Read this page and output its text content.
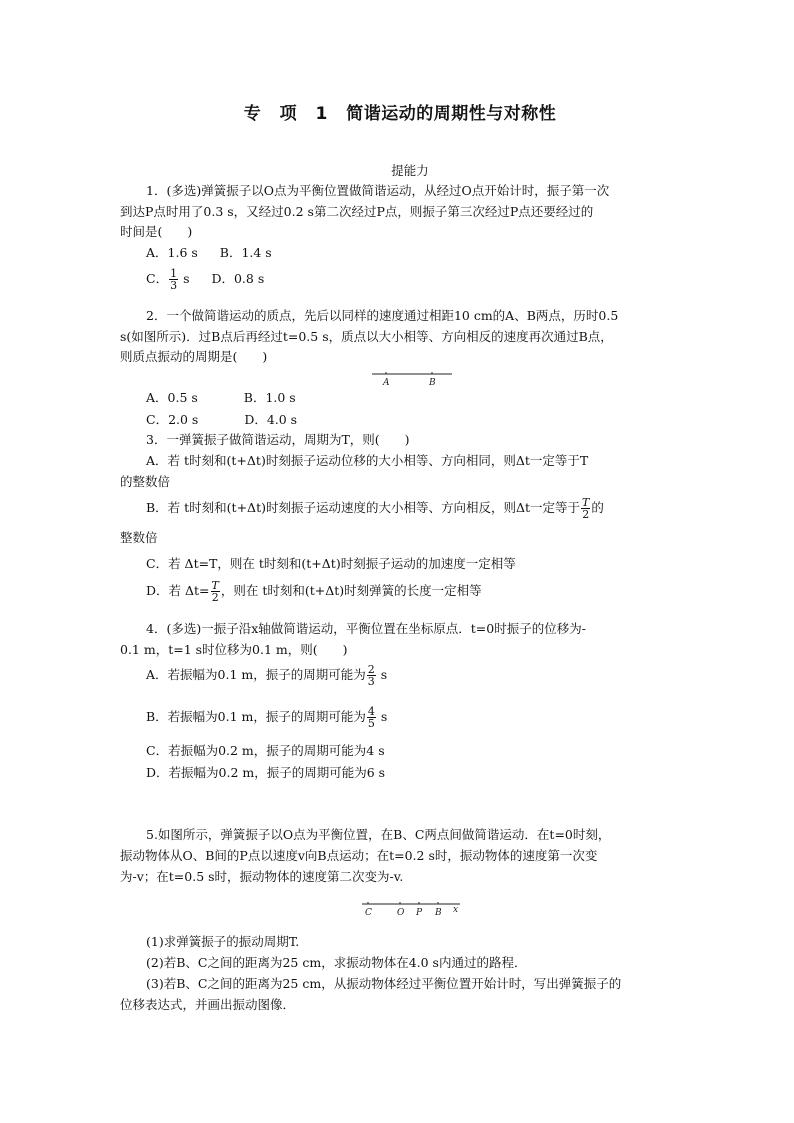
专 项 1 简谐运动的周期性与对称性
提能力
1．(多选)弹簧振子以O点为平衡位置做简谐运动，从经过O点开始计时，振子第一次
到达P点时用了0.3 s，又经过0.2 s第二次经过P点，则振子第三次经过P点还要经过的
时间是(　　)
A．1.6 s B．1.4 s
C． $\frac{1}{3}$ s D．0.8 s
2．一个做简谐运动的质点，先后以同样的速度通过相距10 cm的A、B两点，历时0.5
s(如图所示)．过B点后再经过t=0.5 s，质点以大小相等、方向相反的速度再次通过B点，
则质点振动的周期是(　　)
A	B
A．0.5 s	B．1.0 s
C．2.0 s	D．4.0 s
3．一弹簧振子做简谐运动，周期为T，则(　　)
A．若 t时刻和(t+Δt)时刻振子运动位移的大小相等、方向相同，则Δt一定等于T
的整数倍
B．若 t时刻和(t+Δt)时刻振子运动速度的大小相等、方向相反，则Δt一定等于 $\frac{T}{2}$ 的
整数倍
C．若 Δt=T，则在 t时刻和(t+Δt)时刻振子运动的加速度一定相等
D．若 $\Delta t= \frac{T}{2}$ ，则在 t时刻和(t+Δt)时刻弹簧的长度一定相等
4．(多选)一振子沿x轴做简谐运动，平衡位置在坐标原点．t=0时振子的位移为-
0.1 m，t=1 s时位移为0.1 m，则(　　)
A．若振幅为0.1 m，振子的周期可能为 $\frac{2}{3}$ s
B．若振幅为0.1 m，振子的周期可能为 $\frac{4}{5}$ s
C．若振幅为0.2 m，振子的周期可能为4 s
D．若振幅为0.2 m，振子的周期可能为6 s
5.如图所示，弹簧振子以O点为平衡位置，在B、C两点间做简谐运动．在t=0时刻，
振动物体从O、B间的P点以速度v向B点运动；在t=0.2 s时，振动物体的速度第一次变
为-v；在t=0.5 s时，振动物体的速度第二次变为-v.
C	O P B x
(1)求弹簧振子的振动周期T.
(2)若B、C之间的距离为25 cm，求振动物体在4.0 s内通过的路程．
(3)若B、C之间的距离为25 cm，从振动物体经过平衡位置开始计时，写出弹簧振子的
位移表达式，并画出振动图像．
